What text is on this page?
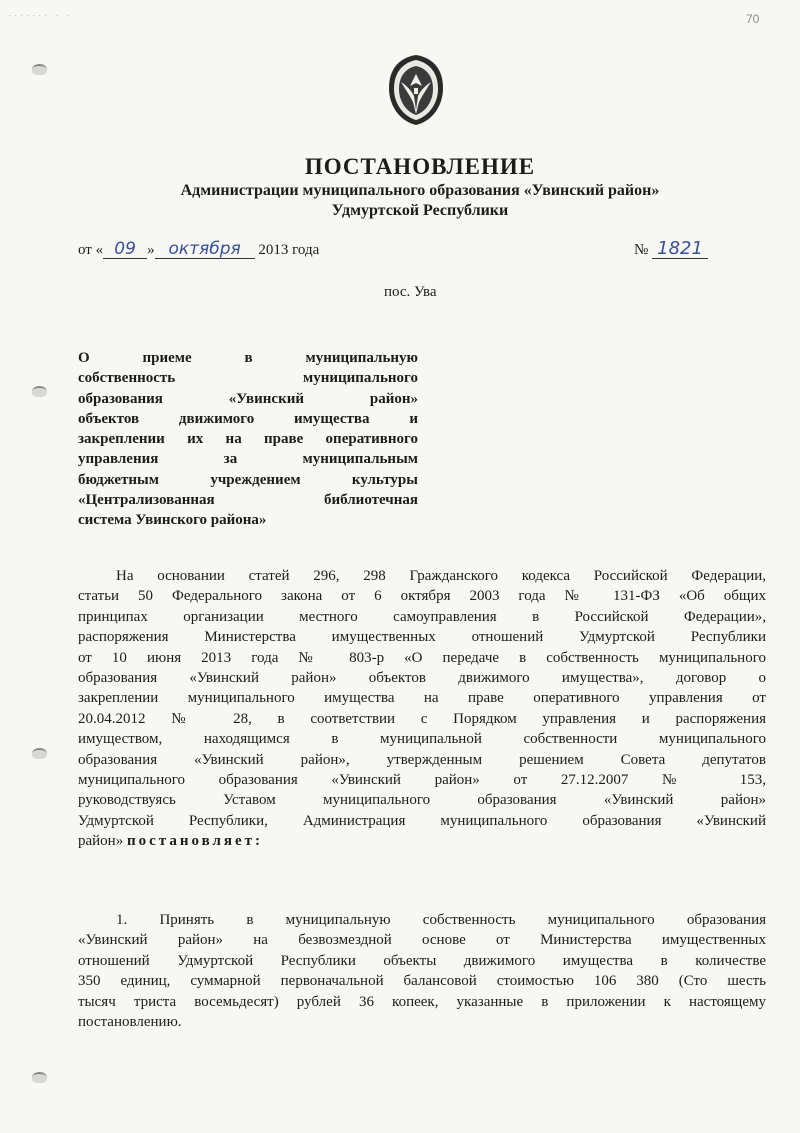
······· · ·	70
ПОСТАНОВЛЕНИЕ
Администрации муниципального образования «Увинский район»
Удмуртской Республики
от « 09 » октября 2013 года	№ 1821
пос. Ува
О приеме в муниципальную
собственность муниципального
образования «Увинский район»
объектов движимого имущества и
закреплении их на праве оперативного
управления за муниципальным
бюджетным учреждением культуры
«Централизованная библиотечная
система Увинского района»
На основании статей 296, 298 Гражданского кодекса Российской Федерации,
статьи 50 Федерального закона от 6 октября 2003 года № 131-ФЗ «Об общих
принципах организации местного самоуправления в Российской Федерации»,
распоряжения Министерства имущественных отношений Удмуртской Республики
от 10 июня 2013 года № 803-р «О передаче в собственность муниципального
образования «Увинский район» объектов движимого имущества», договор о
закреплении муниципального имущества на праве оперативного управления от
20.04.2012 № 28, в соответствии с Порядком управления и распоряжения
имуществом, находящимся в муниципальной собственности муниципального
образования «Увинский район», утвержденным решением Совета депутатов
муниципального образования «Увинский район» от 27.12.2007 № 153,
руководствуясь Уставом муниципального образования «Увинский район»
Удмуртской Республики, Администрация муниципального образования «Увинский
район» постановляет:
1. Принять в муниципальную собственность муниципального образования
«Увинский район» на безвозмездной основе от Министерства имущественных
отношений Удмуртской Республики объекты движимого имущества в количестве
350 единиц, суммарной первоначальной балансовой стоимостью 106 380 (Сто шесть
тысяч триста восемьдесят) рублей 36 копеек, указанные в приложении к настоящему
постановлению.
